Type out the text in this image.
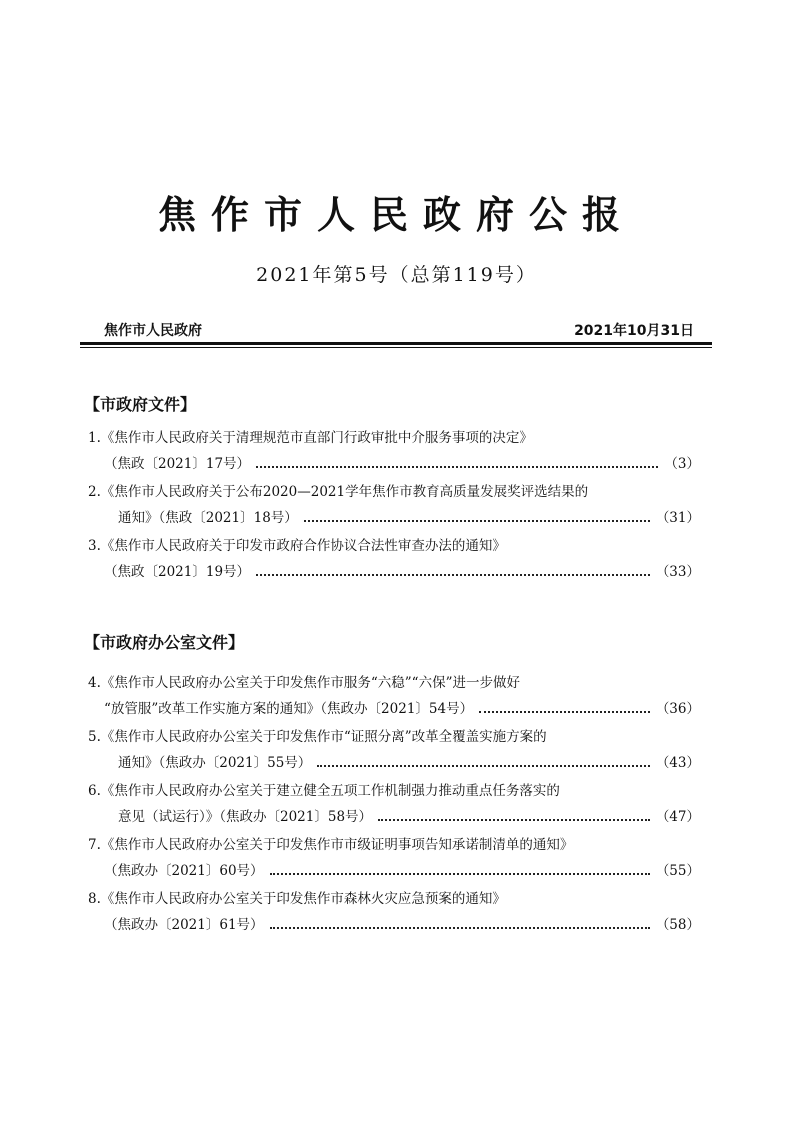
焦作市人民政府公报
2021年第5号（总第119号）
焦作市人民政府	2021年10月31日
【市政府文件】
1.《焦作市人民政府关于清理规范市直部门行政审批中介服务事项的决定》
（焦政〔2021〕17号）	（3）
2.《焦作市人民政府关于公布2020—2021学年焦作市教育高质量发展奖评选结果的
通知》（焦政〔2021〕18号）	（31）
3.《焦作市人民政府关于印发市政府合作协议合法性审查办法的通知》
（焦政〔2021〕19号）	（33）
【市政府办公室文件】
4.《焦作市人民政府办公室关于印发焦作市服务“六稳”“六保”进一步做好
“放管服”改革工作实施方案的通知》（焦政办〔2021〕54号）	（36）
5.《焦作市人民政府办公室关于印发焦作市“证照分离”改革全覆盖实施方案的
通知》（焦政办〔2021〕55号）	（43）
6.《焦作市人民政府办公室关于建立健全五项工作机制强力推动重点任务落实的
意见（试运行）》（焦政办〔2021〕58号）	（47）
7.《焦作市人民政府办公室关于印发焦作市市级证明事项告知承诺制清单的通知》
（焦政办〔2021〕60号）	（55）
8.《焦作市人民政府办公室关于印发焦作市森林火灾应急预案的通知》
（焦政办〔2021〕61号）	（58）
